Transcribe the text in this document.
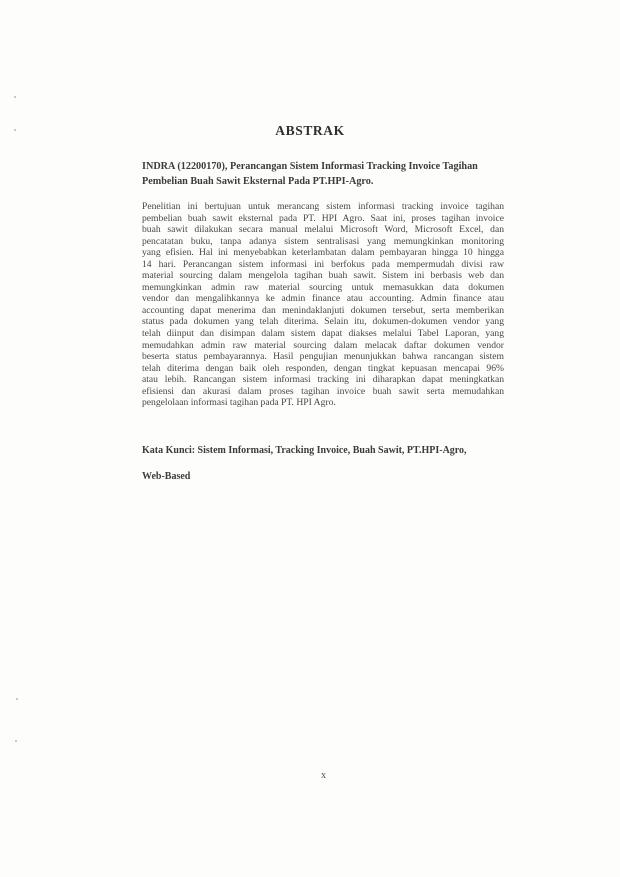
ABSTRAK
INDRA (12200170), Perancangan Sistem Informasi Tracking Invoice Tagihan
Pembelian Buah Sawit Eksternal Pada PT.HPI-Agro.
Penelitian ini bertujuan untuk merancang sistem informasi tracking invoice tagihan
pembelian buah sawit eksternal pada PT. HPI Agro. Saat ini, proses tagihan invoice
buah sawit dilakukan secara manual melalui Microsoft Word, Microsoft Excel, dan
pencatatan buku, tanpa adanya sistem sentralisasi yang memungkinkan monitoring
yang efisien. Hal ini menyebabkan keterlambatan dalam pembayaran hingga 10 hingga
14 hari. Perancangan sistem informasi ini berfokus pada mempermudah divisi raw
material sourcing dalam mengelola tagihan buah sawit. Sistem ini berbasis web dan
memungkinkan admin raw material sourcing untuk memasukkan data dokumen
vendor dan mengalihkannya ke admin finance atau accounting. Admin finance atau
accounting dapat menerima dan menindaklanjuti dokumen tersebut, serta memberikan
status pada dokumen yang telah diterima. Selain itu, dokumen-dokumen vendor yang
telah diinput dan disimpan dalam sistem dapat diakses melalui Tabel Laporan, yang
memudahkan admin raw material sourcing dalam melacak daftar dokumen vendor
beserta status pembayarannya. Hasil pengujian menunjukkan bahwa rancangan sistem
telah diterima dengan baik oleh responden, dengan tingkat kepuasan mencapai 96%
atau lebih. Rancangan sistem informasi tracking ini diharapkan dapat meningkatkan
efisiensi dan akurasi dalam proses tagihan invoice buah sawit serta memudahkan
pengelolaan informasi tagihan pada PT. HPI Agro.
Kata Kunci: Sistem Informasi, Tracking Invoice, Buah Sawit, PT.HPI-Agro,
Web-Based
x
